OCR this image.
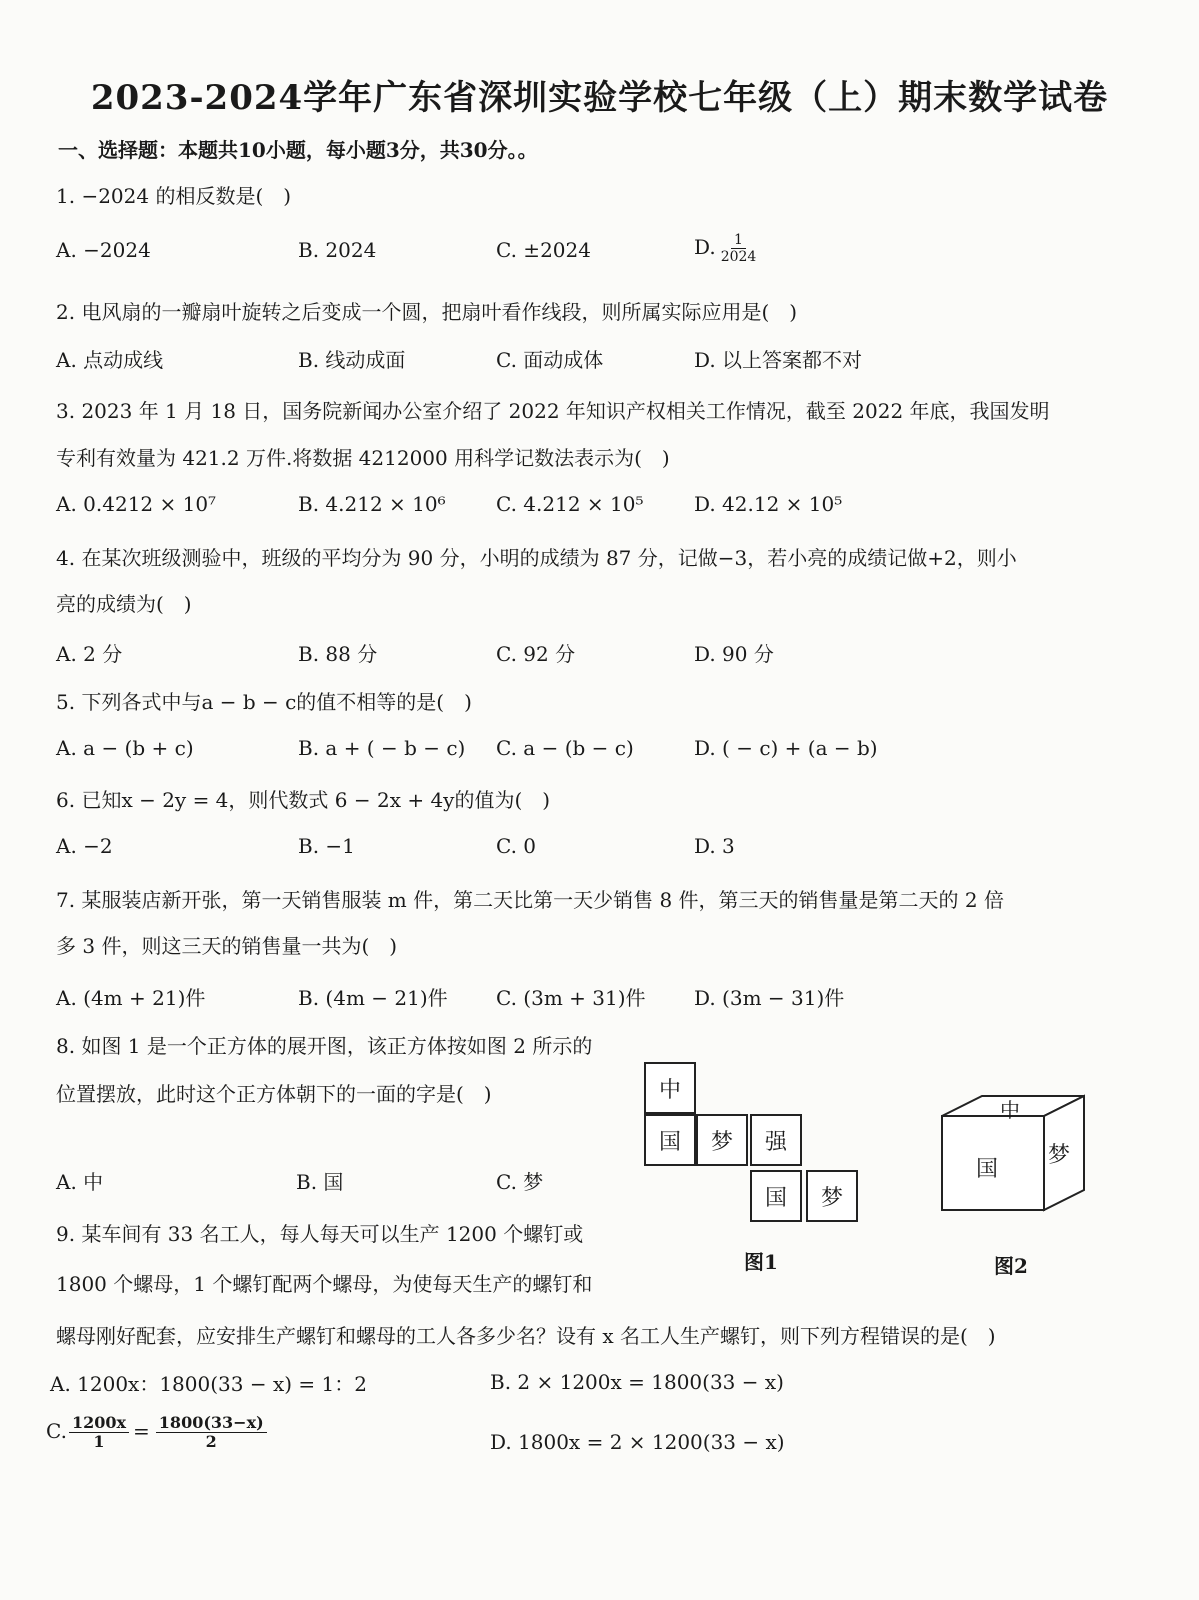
2023-2024学年广东省深圳实验学校七年级（上）期末数学试卷
一、选择题：本题共10小题，每小题3分，共30分。。
1. −2024 的相反数是(　)
A. −2024	B. 2024	C. ±2024	D. $\frac{1}{2024}$
2. 电风扇的一瓣扇叶旋转之后变成一个圆，把扇叶看作线段，则所属实际应用是(　)
A. 点动成线	B. 线动成面	C. 面动成体	D. 以上答案都不对
3. 2023 年 1 月 18 日，国务院新闻办公室介绍了 2022 年知识产权相关工作情况，截至 2022 年底，我国发明
专利有效量为 421.2 万件.将数据 4212000 用科学记数法表示为(　)
A. 0.4212 × 10⁷	B. 4.212 × 10⁶	C. 4.212 × 10⁵	D. 42.12 × 10⁵
4. 在某次班级测验中，班级的平均分为 90 分，小明的成绩为 87 分，记做−3，若小亮的成绩记做+2，则小
亮的成绩为(　)
A. 2 分	B. 88 分	C. 92 分	D. 90 分
5. 下列各式中与a − b − c的值不相等的是(　)
A. a − (b + c)	B. a + ( − b − c) C. a − (b − c)	D. ( − c) + (a − b)
6. 已知x − 2y = 4，则代数式 6 − 2x + 4y的值为(　)
A. −2	B. −1	C. 0	D. 3
7. 某服装店新开张，第一天销售服装 m 件，第二天比第一天少销售 8 件，第三天的销售量是第二天的 2 倍
多 3 件，则这三天的销售量一共为(　)
A. (4m + 21)件	B. (4m − 21)件 C. (3m + 31)件 D. (3m − 31)件
8. 如图 1 是一个正方体的展开图，该正方体按如图 2 所示的
位置摆放，此时这个正方体朝下的一面的字是(　)
A. 中	B. 国	C. 梦
中
国	梦	强
国	梦
图1
中
国
梦
图2
9. 某车间有 33 名工人，每人每天可以生产 1200 个螺钉或
1800 个螺母，1 个螺钉配两个螺母，为使每天生产的螺钉和
螺母刚好配套，应安排生产螺钉和螺母的工人各多少名？设有 x 名工人生产螺钉，则下列方程错误的是(　)
A. 1200x：1800(33 − x) = 1：2	B. 2 × 1200x = 1800(33 − x)
C. $\frac{1200x}{1} = \frac{1800(33-x)}{2}$	D. 1800x = 2 × 1200(33 − x)
